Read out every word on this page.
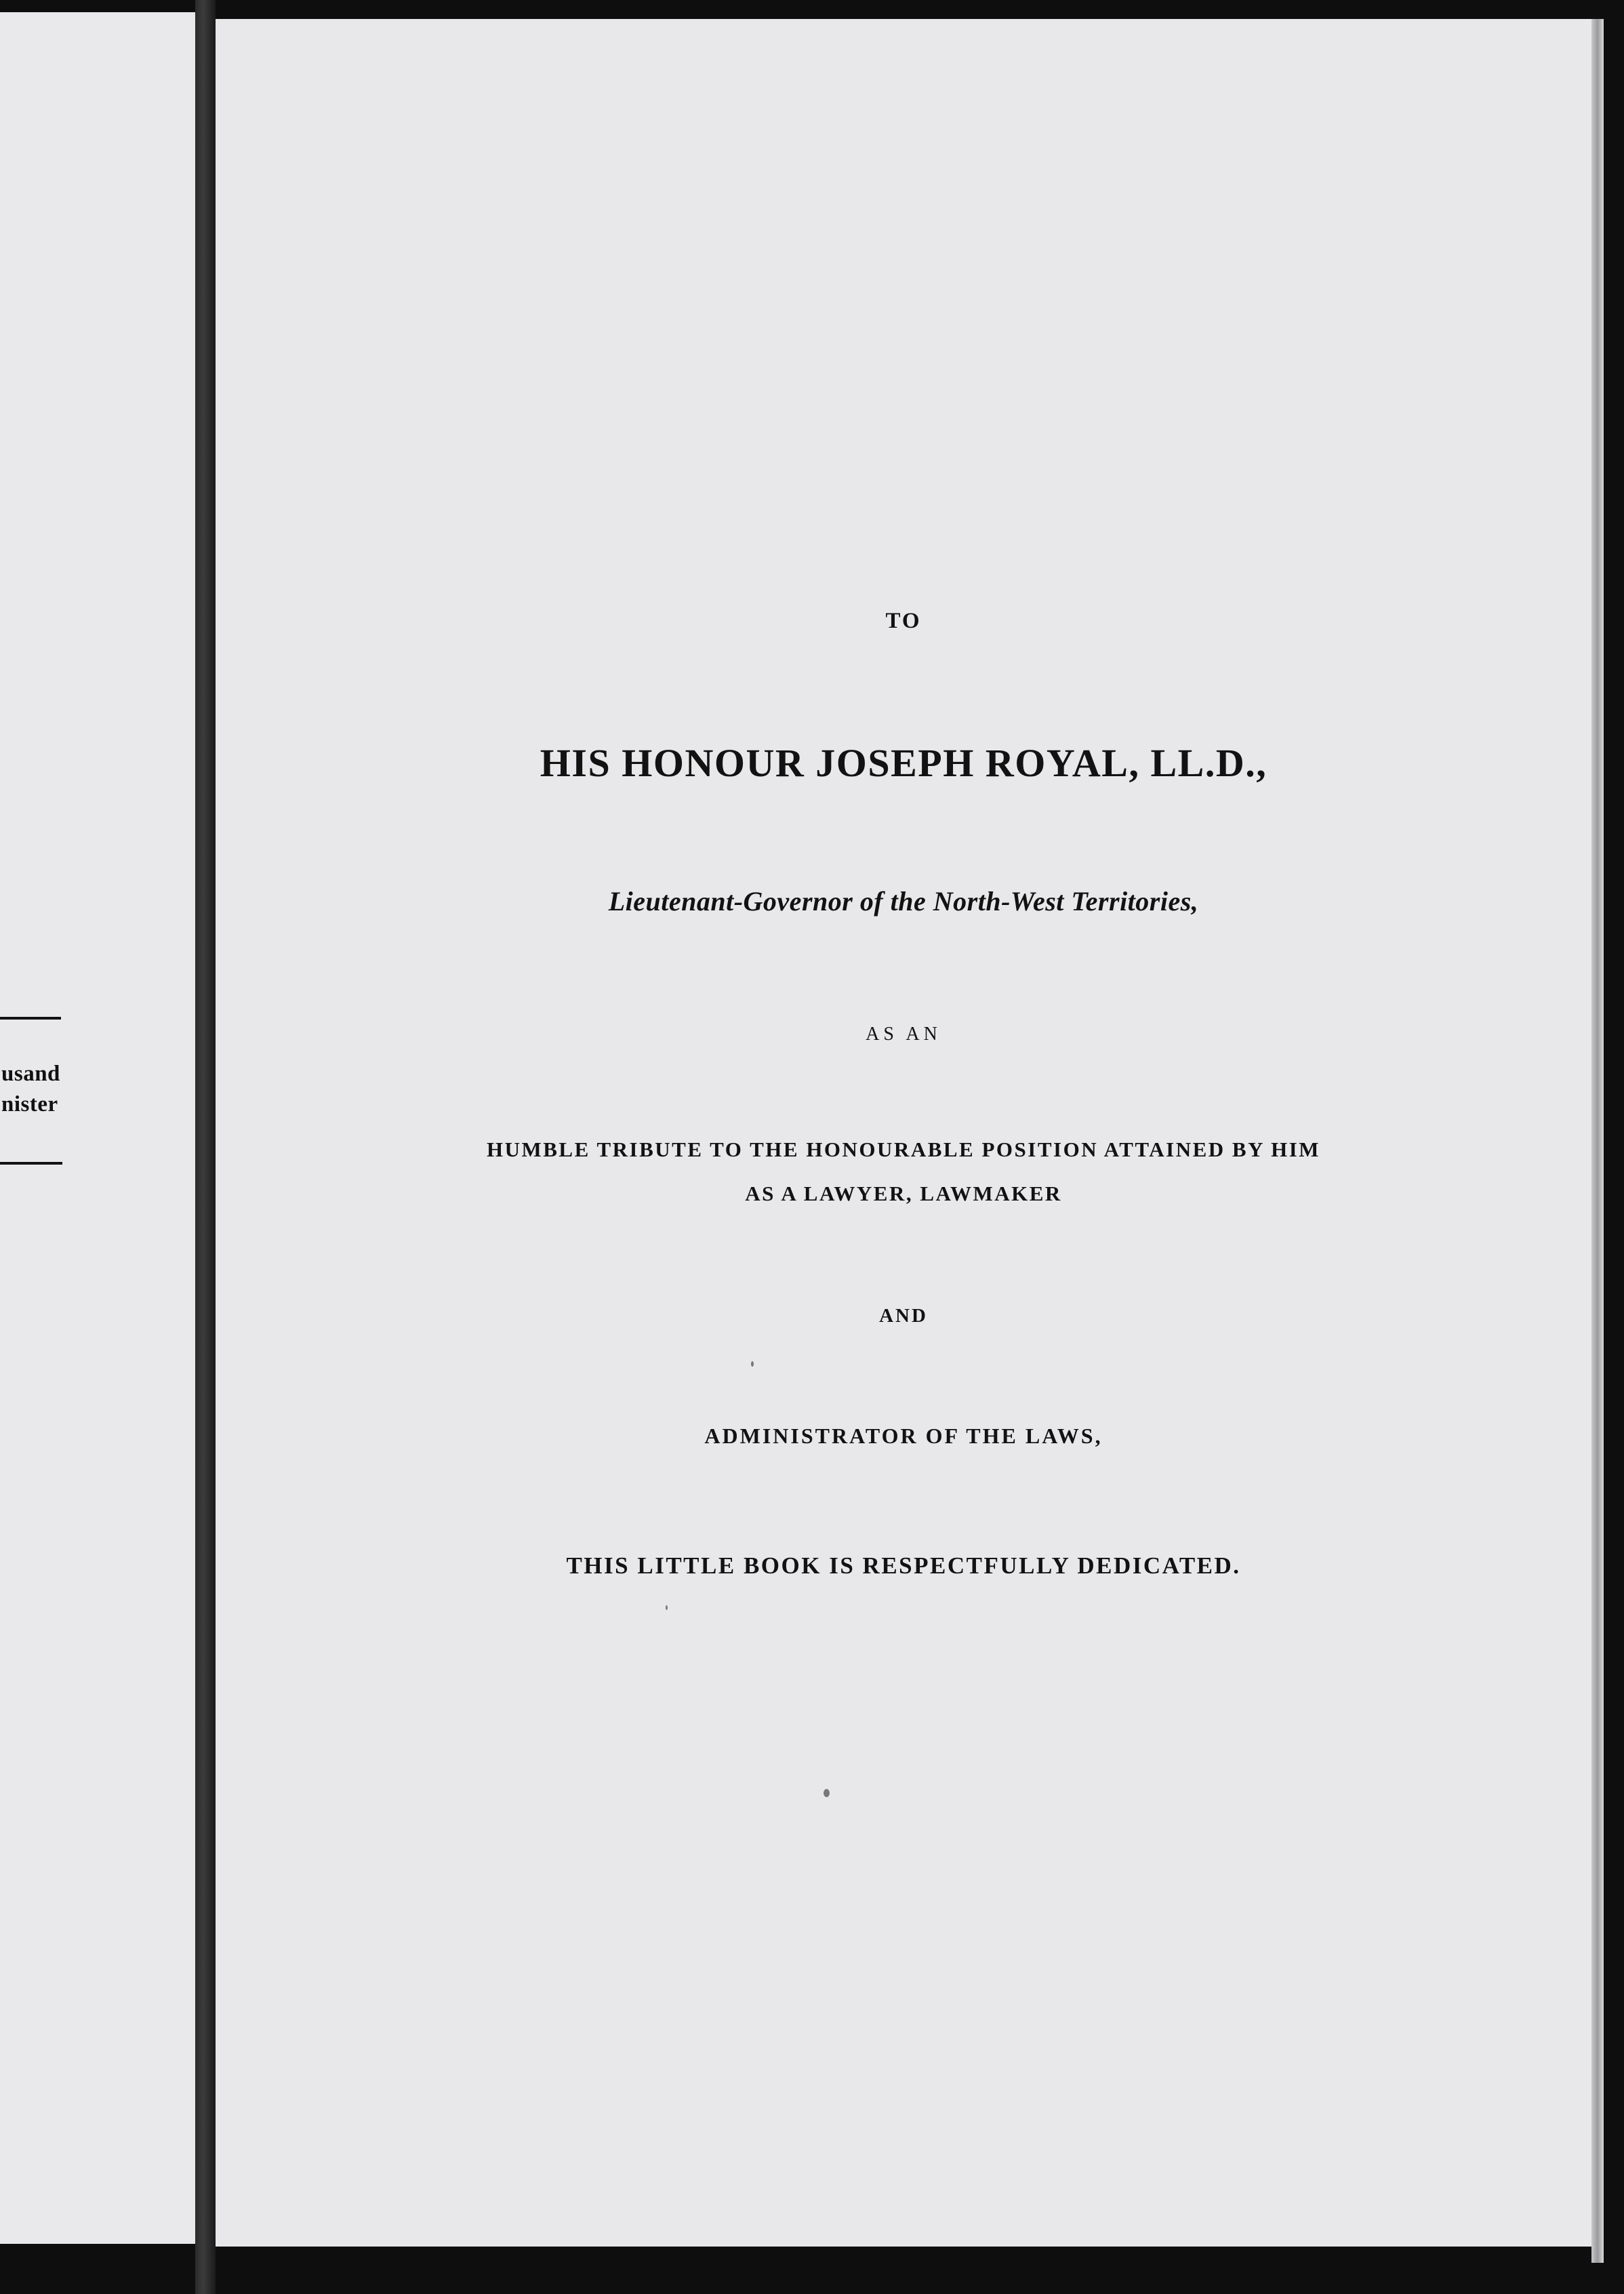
usand
nister
TO
HIS HONOUR JOSEPH ROYAL, LL.D.,
Lieutenant-Governor of the North-West Territories,
AS AN
HUMBLE TRIBUTE TO THE HONOURABLE POSITION ATTAINED BY HIM
AS A LAWYER, LAWMAKER
AND
ADMINISTRATOR OF THE LAWS,
THIS LITTLE BOOK IS RESPECTFULLY DEDICATED.
